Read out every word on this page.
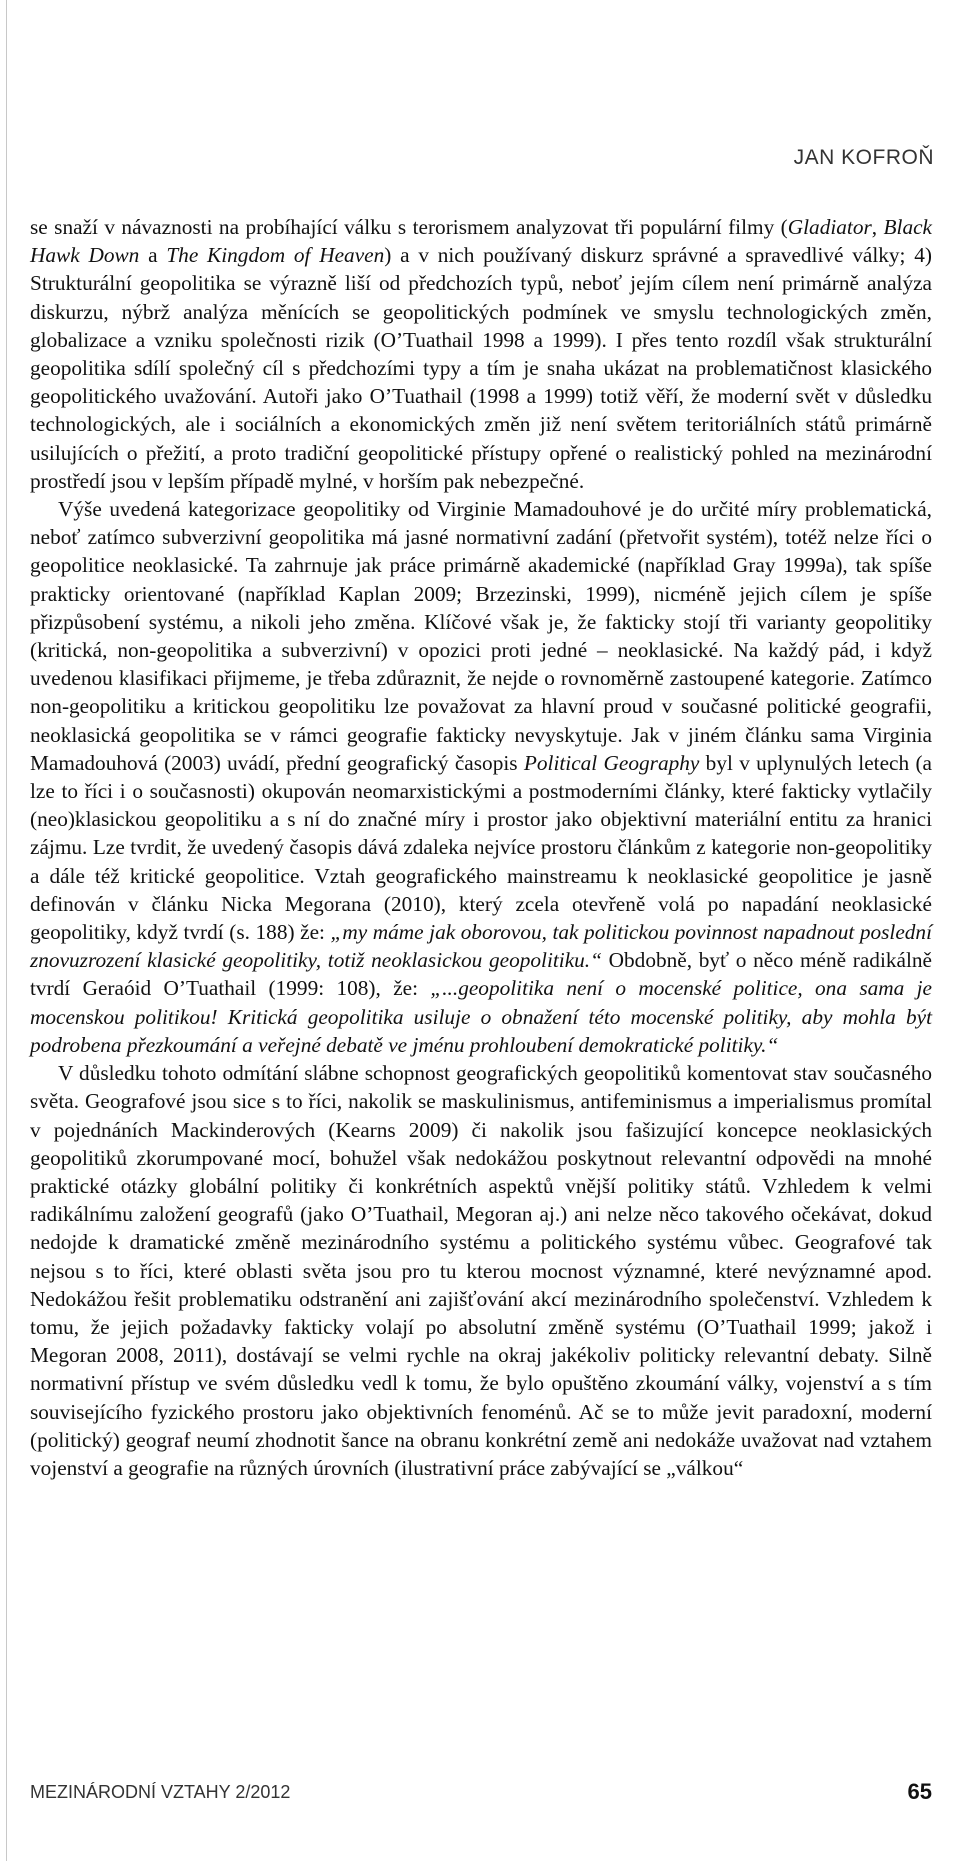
JAN KOFROŇ

se snaží v návaznosti na probíhající válku s terorismem analyzovat tři populární filmy (Gladiator, Black Hawk Down a The Kingdom of Heaven) a v nich používaný diskurz správné a spravedlivé války; 4) Strukturální geopolitika se výrazně liší od předchozích typů, neboť jejím cílem není primárně analýza diskurzu, nýbrž analýza měnících se geopolitických podmínek ve smyslu technologických změn, globalizace a vzniku společnosti rizik (O’Tuathail 1998 a 1999). I přes tento rozdíl však strukturální geopolitika sdílí společný cíl s předchozími typy a tím je snaha ukázat na problematičnost klasického geopolitického uvažování. Autoři jako O’Tuathail (1998 a 1999) totiž věří, že moderní svět v důsledku technologických, ale i sociálních a ekonomických změn již není světem teritoriálních států primárně usilujících o přežití, a proto tradiční geopolitické přístupy opřené o realistický pohled na mezinárodní prostředí jsou v lepším případě mylné, v horším pak nebezpečné.

Výše uvedená kategorizace geopolitiky od Virginie Mamadouhové je do určité míry problematická, neboť zatímco subverzivní geopolitika má jasné normativní zadání (přetvořit systém), totéž nelze říci o geopolitice neoklasické. Ta zahrnuje jak práce primárně akademické (například Gray 1999a), tak spíše prakticky orientované (například Kaplan 2009; Brzezinski, 1999), nicméně jejich cílem je spíše přizpůsobení systému, a nikoli jeho změna. Klíčové však je, že fakticky stojí tři varianty geopolitiky (kritická, non-geopolitika a subverzivní) v opozici proti jedné – neoklasické. Na každý pád, i když uvedenou klasifikaci přijmeme, je třeba zdůraznit, že nejde o rovnoměrně zastoupené kategorie. Zatímco non-geopolitiku a kritickou geopolitiku lze považovat za hlavní proud v současné politické geografii, neoklasická geopolitika se v rámci geografie fakticky nevyskytuje. Jak v jiném článku sama Virginia Mamadouhová (2003) uvádí, přední geografický časopis Political Geography byl v uplynulých letech (a lze to říci i o současnosti) okupován neomarxistickými a postmoderními články, které fakticky vytlačily (neo)klasickou geopolitiku a s ní do značné míry i prostor jako objektivní materiální entitu za hranici zájmu. Lze tvrdit, že uvedený časopis dává zdaleka nejvíce prostoru článkům z kategorie non-geopolitiky a dále též kritické geopolitice. Vztah geografického mainstreamu k neoklasické geopolitice je jasně definován v článku Nicka Megorana (2010), který zcela otevřeně volá po napadání neoklasické geopolitiky, když tvrdí (s. 188) že: „my máme jak oborovou, tak politickou povinnost napadnout poslední znovuzrození klasické geopolitiky, totiž neoklasickou geopolitiku.“ Obdobně, byť o něco méně radikálně tvrdí Geraóid O’Tuathail (1999: 108), že: „...geopolitika není o mocenské politice, ona sama je mocenskou politikou! Kritická geopolitika usiluje o obnažení této mocenské politiky, aby mohla být podrobena přezkoumání a veřejné debatě ve jménu prohloubení demokratické politiky.“

V důsledku tohoto odmítání slábne schopnost geografických geopolitiků komentovat stav současného světa. Geografové jsou sice s to říci, nakolik se maskulinismus, antifeminismus a imperialismus promítal v pojednáních Mackinderových (Kearns 2009) či nakolik jsou fašizující koncepce neoklasických geopolitiků zkorumpované mocí, bohužel však nedokážou poskytnout relevantní odpovědi na mnohé praktické otázky globální politiky či konkrétních aspektů vnější politiky států. Vzhledem k velmi radikálnímu založení geografů (jako O’Tuathail, Megoran aj.) ani nelze něco takového očekávat, dokud nedojde k dramatické změně mezinárodního systému a politického systému vůbec. Geografové tak nejsou s to říci, které oblasti světa jsou pro tu kterou mocnost významné, které nevýznamné apod. Nedokážou řešit problematiku odstranění ani zajišťování akcí mezinárodního společenství. Vzhledem k tomu, že jejich požadavky fakticky volají po absolutní změně systému (O’Tuathail 1999; jakož i Megoran 2008, 2011), dostávají se velmi rychle na okraj jakékoliv politicky relevantní debaty. Silně normativní přístup ve svém důsledku vedl k tomu, že bylo opuštěno zkoumání války, vojenství a s tím souvisejícího fyzického prostoru jako objektivních fenoménů. Ač se to může jevit paradoxní, moderní (politický) geograf neumí zhodnotit šance na obranu konkrétní země ani nedokáže uvažovat nad vztahem vojenství a geografie na různých úrovních (ilustrativní práce zabývající se „válkou“

MEZINÁRODNÍ VZTAHY 2/2012	65
